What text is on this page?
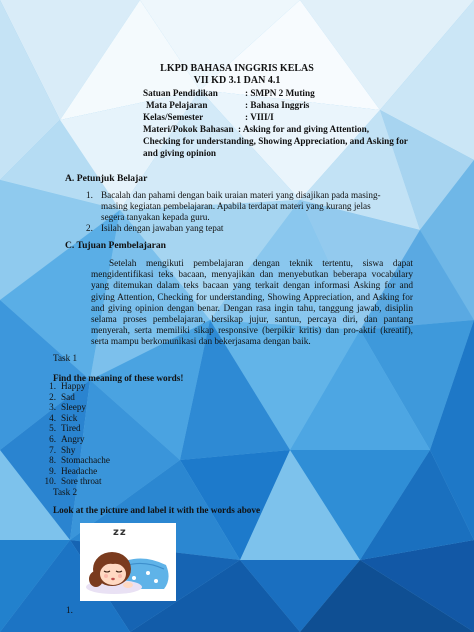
LKPD BAHASA INGGRIS KELAS
VII KD 3.1 DAN 4.1
Satuan Pendidikan	: SMPN 2 Muting
Mata Pelajaran	: Bahasa Inggris
Kelas/Semester	: VIII/I
Materi/Pokok Bahasan : Asking for and giving Attention,
Checking for understanding, Showing Appreciation, and Asking for
and giving opinion
A. Petunjuk Belajar
1. Bacalah dan pahami dengan baik uraian materi yang disajikan pada masing-
masing kegiatan pembelajaran. Apabila terdapat materi yang kurang jelas
segera tanyakan kepada guru.
2. Isilah dengan jawaban yang tepat
C. Tujuan Pembelajaran
Setelah mengikuti pembelajaran dengan teknik tertentu, siswa dapat mengidentifikasi teks bacaan, menyajikan dan menyebutkan beberapa vocabulary yang ditemukan dalam teks bacaan yang terkait dengan informasi Asking for and giving Attention, Checking for understanding, Showing Appreciation, and Asking for and giving opinion dengan benar. Dengan rasa ingin tahu, tanggung jawab, disiplin selama proses pembelajaran, bersikap jujur, santun, percaya diri, dan pantang menyerah, serta memiliki sikap responsive (berpikir kritis) dan pro-aktif (kreatif), serta mampu berkomunikasi dan bekerjasama dengan baik.
Task 1
Find the meaning of these words!
1. Happy
2. Sad
3. Sleepy
4. Sick
5. Tired
6. Angry
7. Shy
8. Stomachache
9. Headache
10. Sore throat
Task 2
Look at the picture and label it with the words above
zz
1.
